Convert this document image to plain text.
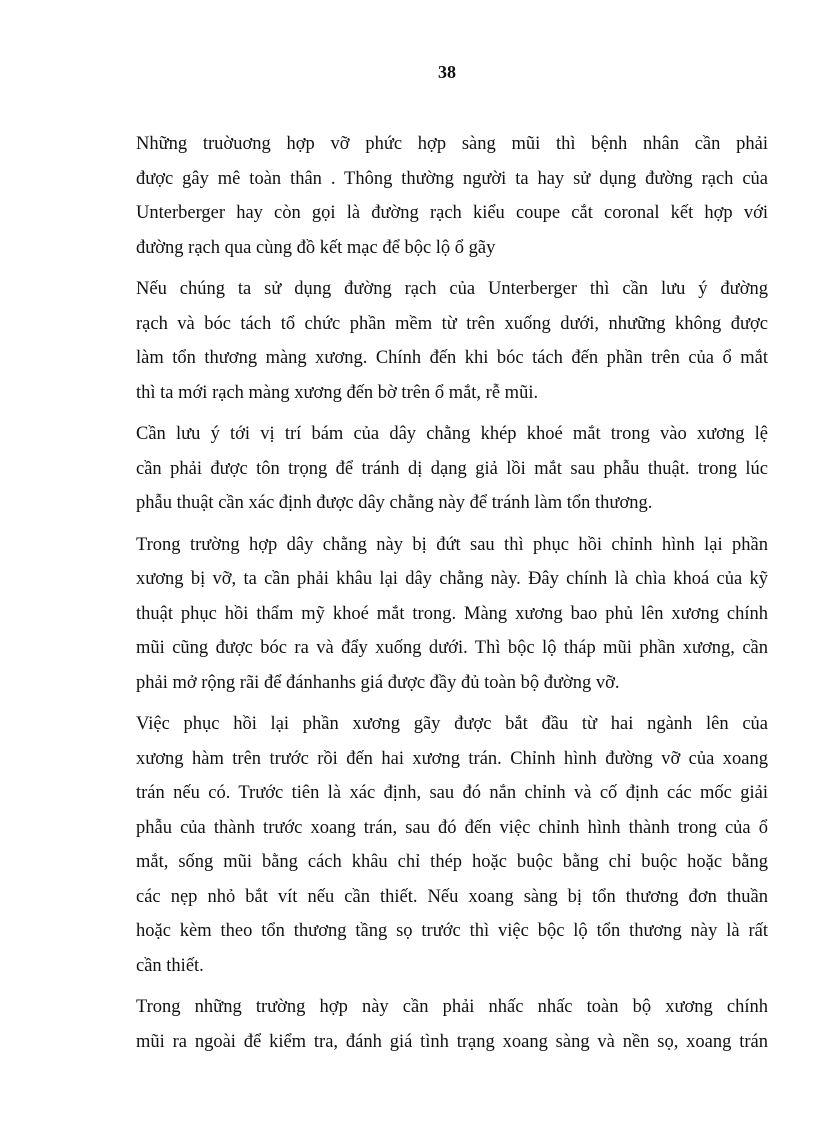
38

Những truờuơng hợp vỡ phức hợp sàng mũi thì bệnh nhân cần phải
được gây mê toàn thân . Thông thường người ta hay sử dụng đường rạch của
Unterberger hay còn gọi là đường rạch kiểu coupe cắt coronal kết hợp với
đường rạch qua cùng đồ kết mạc để bộc lộ ổ gãy

Nếu chúng ta sử dụng đường rạch của Unterberger thì cần lưu ý đường
rạch và bóc tách tổ chức phần mềm từ trên xuống dưới, nhưững không được
làm tổn thương màng xương. Chính đến khi bóc tách đến phần trên của ổ mắt
thì ta mới rạch màng xương đến bờ trên ổ mắt, rễ mũi.

Cần lưu ý tới vị trí bám của dây chằng khép khoé mắt trong vào xương lệ
cần phải được tôn trọng để tránh dị dạng giả lồi mắt sau phẫu thuật. trong lúc
phẫu thuật cần xác định được dây chằng này để tránh làm tổn thương.

Trong trường hợp dây chằng này bị đứt sau thì phục hồi chỉnh hình lại phần
xương bị vỡ, ta cần phải khâu lại dây chằng này. Đây chính là chìa khoá của kỹ
thuật phục hồi thẩm mỹ khoé mắt trong. Màng xương bao phủ lên xương chính
mũi cũng được bóc ra và đẩy xuống dưới. Thì bộc lộ tháp mũi phần xương, cần
phải mở rộng rãi để đánhanhs giá được đầy đủ toàn bộ đường vỡ.

Việc phục hồi lại phần xương gãy được bắt đầu từ hai ngành lên của
xương hàm trên trước rồi đến hai xương trán. Chỉnh hình đường vỡ của xoang
trán nếu có. Trước tiên là xác định, sau đó nắn chỉnh và cố định các mốc giải
phẫu của thành trước xoang trán, sau đó đến việc chỉnh hình thành trong của ổ
mắt, sống mũi bằng cách khâu chỉ thép hoặc buộc bằng chỉ buộc hoặc bằng
các nẹp nhỏ bắt vít nếu cần thiết. Nếu xoang sàng bị tổn thương đơn thuần
hoặc kèm theo tổn thương tầng sọ trước thì việc bộc lộ tổn thương này là rất
cần thiết.

Trong những trường hợp này cần phải nhấc nhấc toàn bộ xương chính
mũi ra ngoài để kiểm tra, đánh giá tình trạng xoang sàng và nền sọ, xoang trán
